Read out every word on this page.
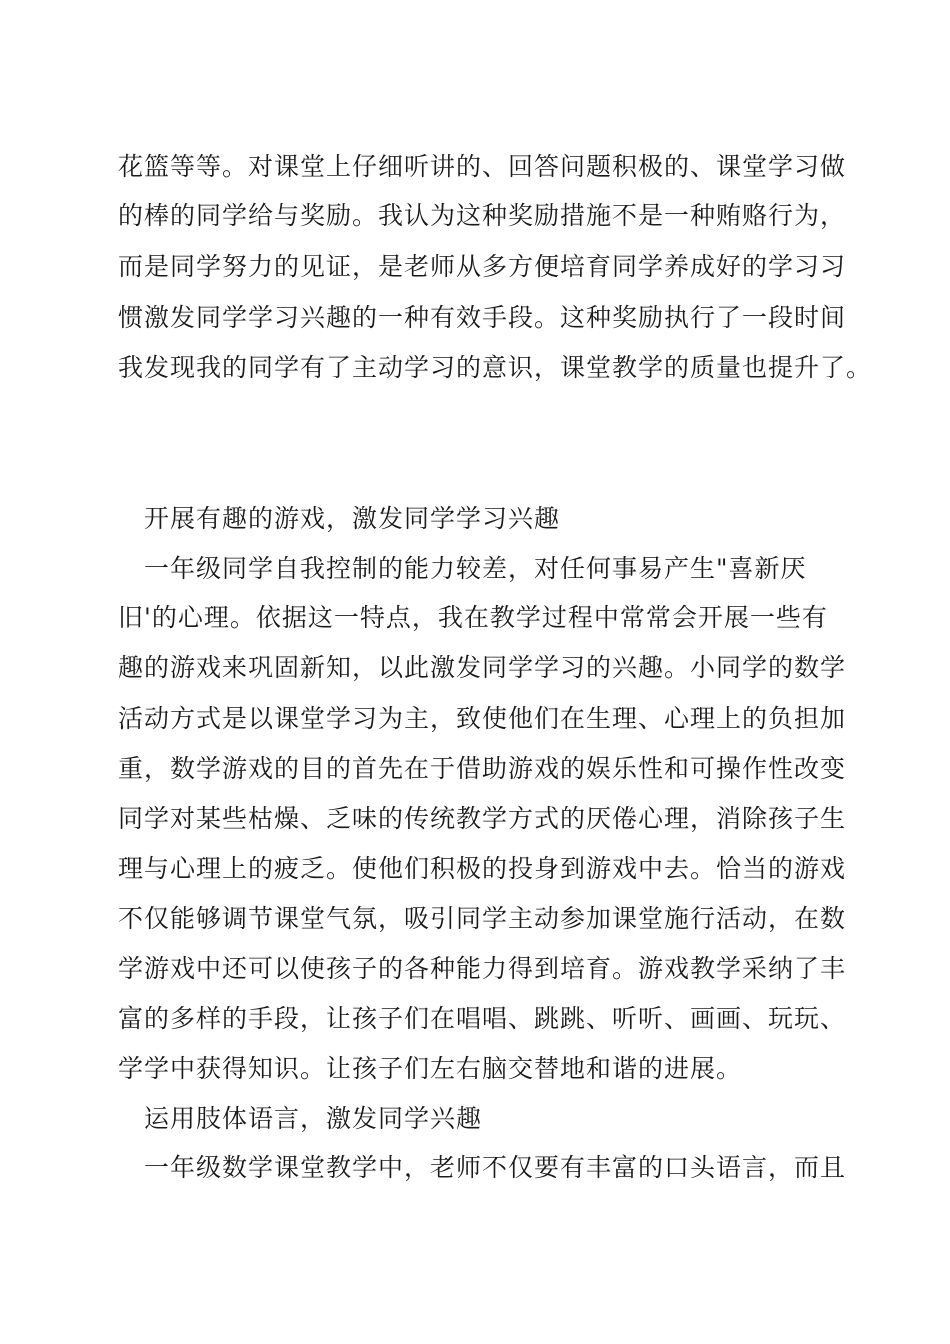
花篮等等。对课堂上仔细听讲的、回答问题积极的、课堂学习做
的棒的同学给与奖励。我认为这种奖励措施不是一种贿赂行为，
而是同学努力的见证，是老师从多方便培育同学养成好的学习习
惯激发同学学习兴趣的一种有效手段。这种奖励执行了一段时间
我发现我的同学有了主动学习的意识，课堂教学的质量也提升了。
开展有趣的游戏，激发同学学习兴趣
一年级同学自我控制的能力较差，对任何事易产生"喜新厌
旧'的心理。依据这一特点，我在教学过程中常常会开展一些有
趣的游戏来巩固新知，以此激发同学学习的兴趣。小同学的数学
活动方式是以课堂学习为主，致使他们在生理、心理上的负担加
重，数学游戏的目的首先在于借助游戏的娱乐性和可操作性改变
同学对某些枯燥、乏味的传统教学方式的厌倦心理，消除孩子生
理与心理上的疲乏。使他们积极的投身到游戏中去。恰当的游戏
不仅能够调节课堂气氛，吸引同学主动参加课堂施行活动，在数
学游戏中还可以使孩子的各种能力得到培育。游戏教学采纳了丰
富的多样的手段，让孩子们在唱唱、跳跳、听听、画画、玩玩、
学学中获得知识。让孩子们左右脑交替地和谐的进展。
运用肢体语言，激发同学兴趣
一年级数学课堂教学中，老师不仅要有丰富的口头语言，而且
